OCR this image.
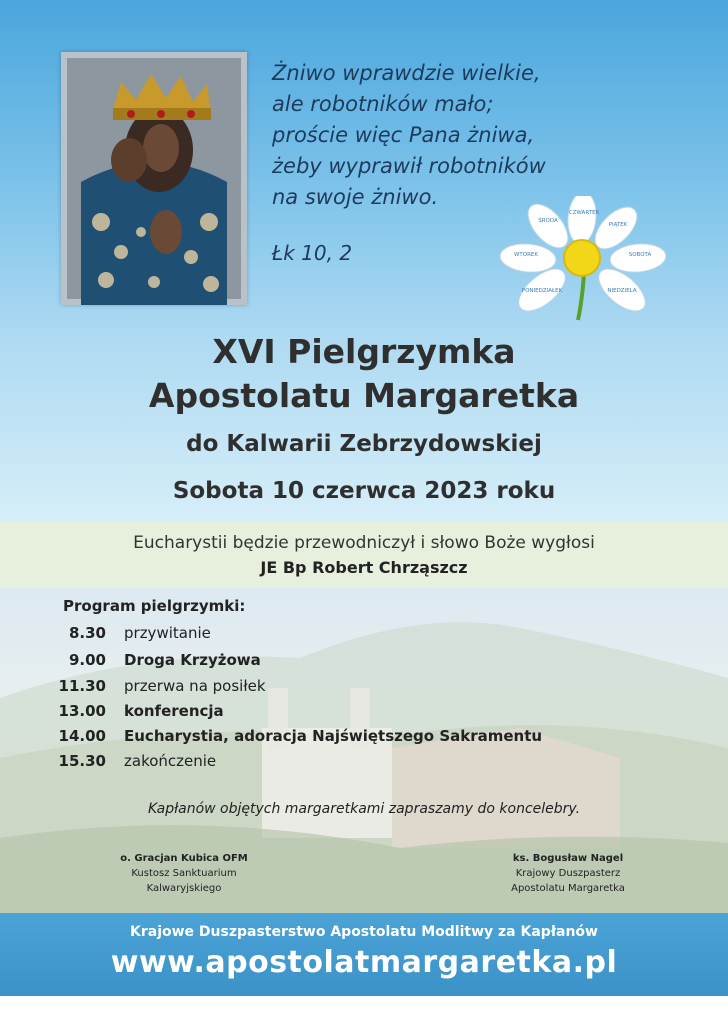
Żniwo wprawdzie wielkie,
ale robotników mało;
proście więc Pana żniwa,
żeby wyprawił robotników
na swoje żniwo.
Łk 10, 2
ŚRODA
CZWARTEK
PIĄTEK
WTOREK	SOBOTA
PONIEDZIAŁEK	NIEDZIELA
XVI Pielgrzymka
Apostolatu Margaretka
do Kalwarii Zebrzydowskiej
Sobota 10 czerwca 2023 roku
Eucharystii będzie przewodniczył i słowo Boże wygłosi
JE Bp Robert Chrząszcz
Program pielgrzymki:
8.30 przywitanie
9.00 Droga Krzyżowa
11.30 przerwa na posiłek
13.00 konferencja
14.00 Eucharystia, adoracja Najświętszego Sakramentu
15.30 zakończenie
Kapłanów objętych margaretkami zapraszamy do koncelebry.
o. Gracjan Kubica OFM
Kustosz Sanktuarium
Kalwaryjskiego
ks. Bogusław Nagel
Krajowy Duszpasterz
Apostolatu Margaretka
Krajowe Duszpasterstwo Apostolatu Modlitwy za Kapłanów
www.apostolatmargaretka.pl
